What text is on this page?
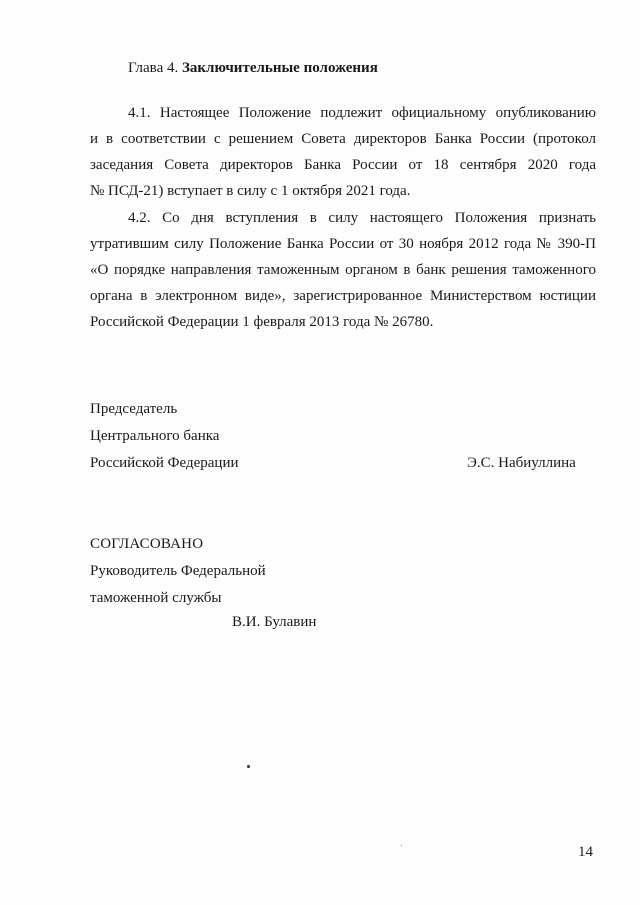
Глава 4. Заключительные положения
4.1. Настоящее Положение подлежит официальному опубликованию
и в соответствии с решением Совета директоров Банка России (протокол
заседания Совета директоров Банка России от 18 сентября 2020 года
№ ПСД-21) вступает в силу с 1 октября 2021 года.
4.2. Со дня вступления в силу настоящего Положения признать
утратившим силу Положение Банка России от 30 ноября 2012 года № 390-П
«О порядке направления таможенным органом в банк решения таможенного
органа в электронном виде», зарегистрированное Министерством юстиции
Российской Федерации 1 февраля 2013 года № 26780.
Председатель
Центрального банка
Российской Федерации	Э.С. Набиуллина
СОГЛАСОВАНО
Руководитель Федеральной
таможенной службы
В.И. Булавин
14
